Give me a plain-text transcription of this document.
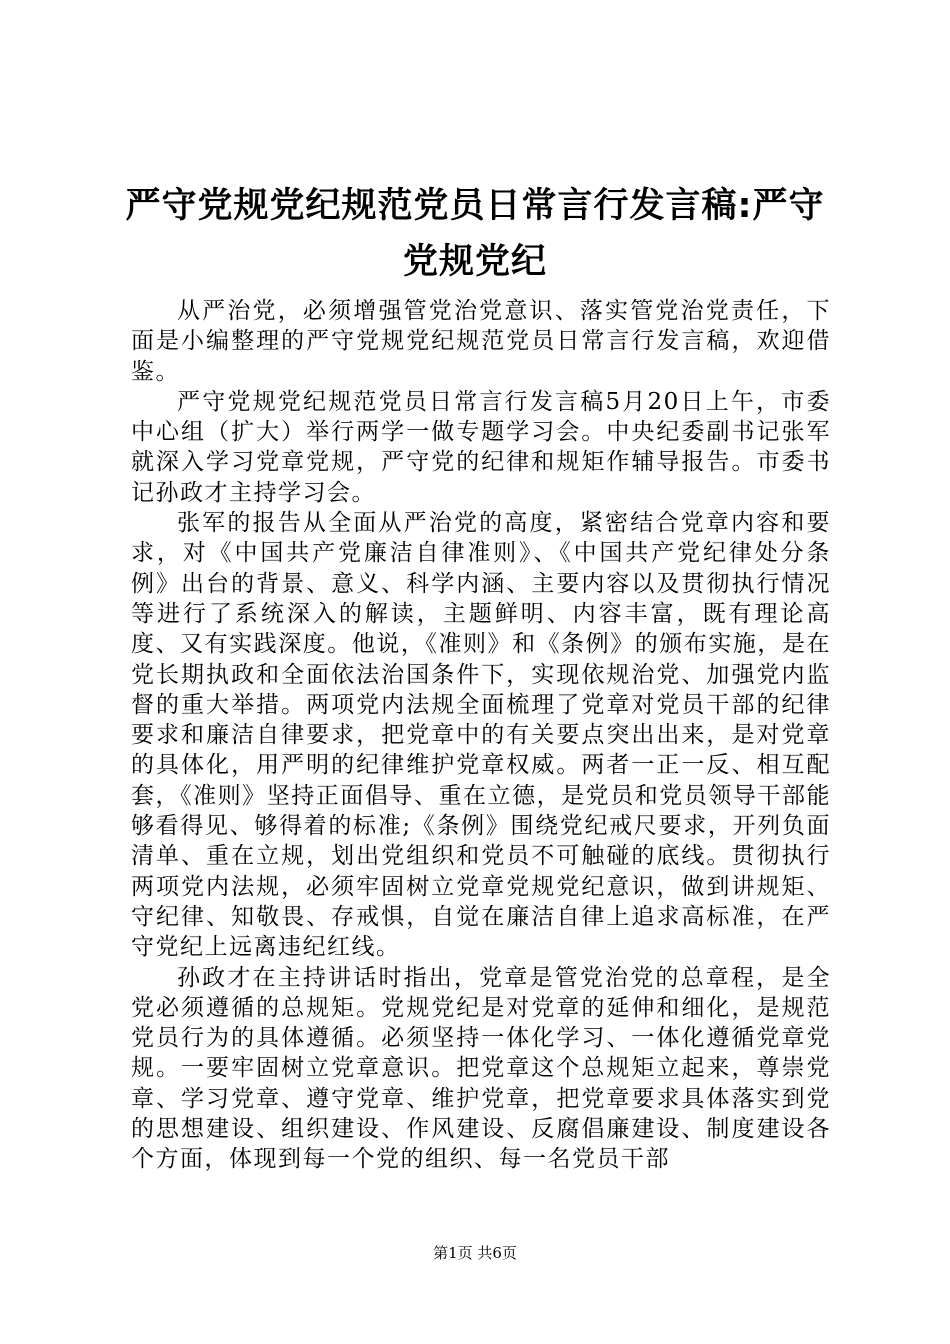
严守党规党纪规范党员日常言行发言稿:严守党规党纪

从严治党，必须增强管党治党意识、落实管党治党责任，下面是小编整理的严守党规党纪规范党员日常言行发言稿，欢迎借鉴。

严守党规党纪规范党员日常言行发言稿5月20日上午，市委中心组（扩大）举行两学一做专题学习会。中央纪委副书记张军就深入学习党章党规，严守党的纪律和规矩作辅导报告。市委书记孙政才主持学习会。

张军的报告从全面从严治党的高度，紧密结合党章内容和要求，对《中国共产党廉洁自律准则》、《中国共产党纪律处分条例》出台的背景、意义、科学内涵、主要内容以及贯彻执行情况等进行了系统深入的解读，主题鲜明、内容丰富，既有理论高度、又有实践深度。他说，《准则》和《条例》的颁布实施，是在党长期执政和全面依法治国条件下，实现依规治党、加强党内监督的重大举措。两项党内法规全面梳理了党章对党员干部的纪律要求和廉洁自律要求，把党章中的有关要点突出出来，是对党章的具体化，用严明的纪律维护党章权威。两者一正一反、相互配套，《准则》坚持正面倡导、重在立德，是党员和党员领导干部能够看得见、够得着的标准;《条例》围绕党纪戒尺要求，开列负面清单、重在立规，划出党组织和党员不可触碰的底线。贯彻执行两项党内法规，必须牢固树立党章党规党纪意识，做到讲规矩、守纪律、知敬畏、存戒惧，自觉在廉洁自律上追求高标准，在严守党纪上远离违纪红线。

孙政才在主持讲话时指出，党章是管党治党的总章程，是全党必须遵循的总规矩。党规党纪是对党章的延伸和细化，是规范党员行为的具体遵循。必须坚持一体化学习、一体化遵循党章党规。一要牢固树立党章意识。把党章这个总规矩立起来，尊崇党章、学习党章、遵守党章、维护党章，把党章要求具体落实到党的思想建设、组织建设、作风建设、反腐倡廉建设、制度建设各个方面，体现到每一个党的组织、每一名党员干部

第1页 共6页
